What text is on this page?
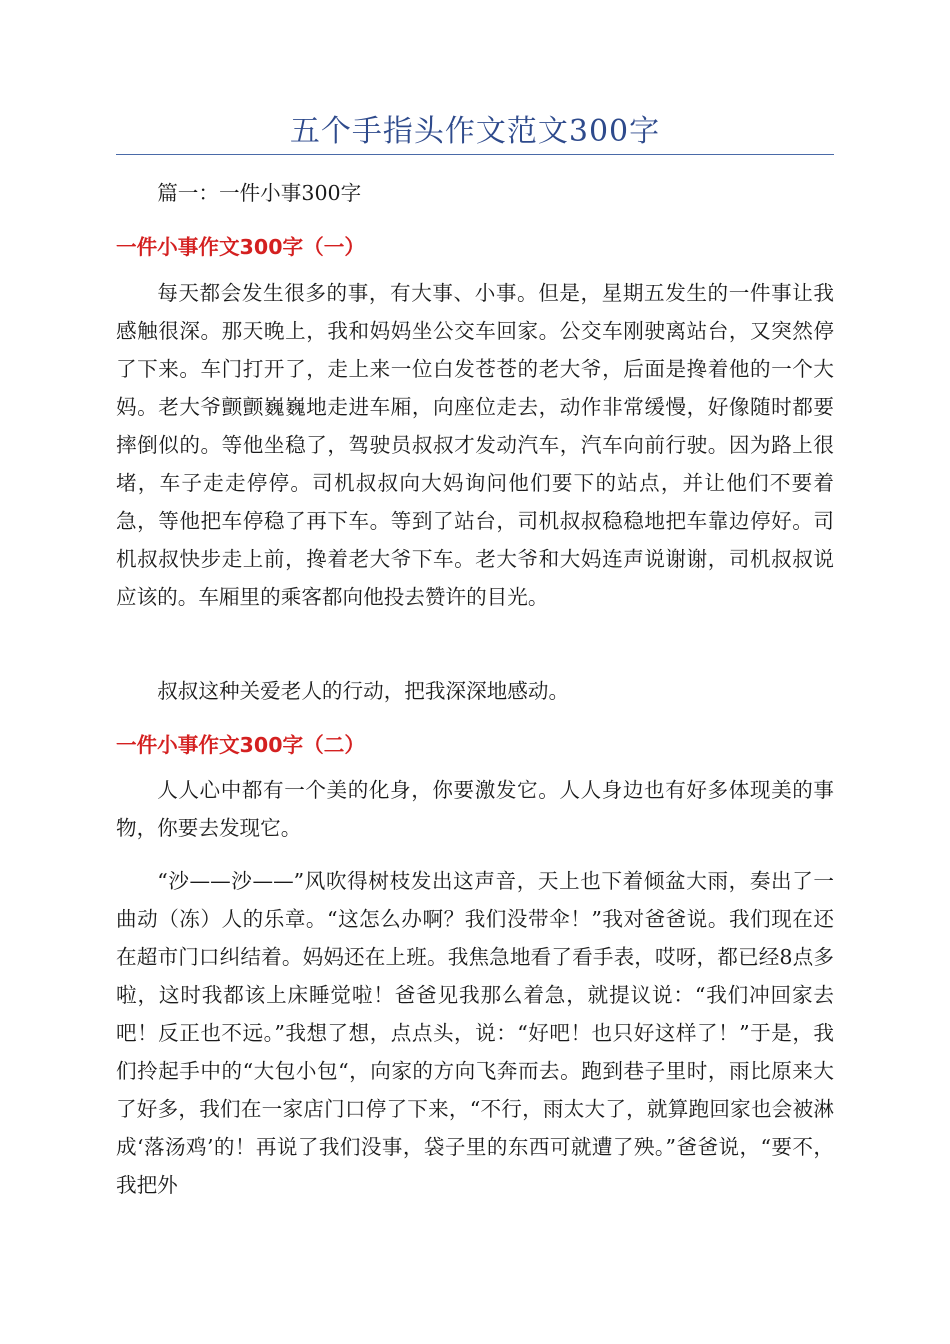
五个手指头作文范文300字

篇一：一件小事300字

一件小事作文300字（一）

每天都会发生很多的事，有大事、小事。但是，星期五发生的一件事让我感触很深。那天晚上，我和妈妈坐公交车回家。公交车刚驶离站台，又突然停了下来。车门打开了，走上来一位白发苍苍的老大爷，后面是搀着他的一个大妈。老大爷颤颤巍巍地走进车厢，向座位走去，动作非常缓慢，好像随时都要摔倒似的。等他坐稳了，驾驶员叔叔才发动汽车，汽车向前行驶。因为路上很堵，车子走走停停。司机叔叔向大妈询问他们要下的站点，并让他们不要着急，等他把车停稳了再下车。等到了站台，司机叔叔稳稳地把车靠边停好。司机叔叔快步走上前，搀着老大爷下车。老大爷和大妈连声说谢谢，司机叔叔说应该的。车厢里的乘客都向他投去赞许的目光。

叔叔这种关爱老人的行动，把我深深地感动。

一件小事作文300字（二）

人人心中都有一个美的化身，你要激发它。人人身边也有好多体现美的事物，你要去发现它。

“沙——沙——”风吹得树枝发出这声音，天上也下着倾盆大雨，奏出了一曲动（冻）人的乐章。“这怎么办啊？我们没带伞！”我对爸爸说。我们现在还在超市门口纠结着。妈妈还在上班。我焦急地看了看手表，哎呀，都已经8点多啦，这时我都该上床睡觉啦！爸爸见我那么着急，就提议说：“我们冲回家去吧！反正也不远。”我想了想，点点头，说：“好吧！也只好这样了！”于是，我们拎起手中的“大包小包“，向家的方向飞奔而去。跑到巷子里时，雨比原来大了好多，我们在一家店门口停了下来，“不行，雨太大了，就算跑回家也会被淋成‘落汤鸡’的！再说了我们没事，袋子里的东西可就遭了殃。”爸爸说，“要不，我把外
